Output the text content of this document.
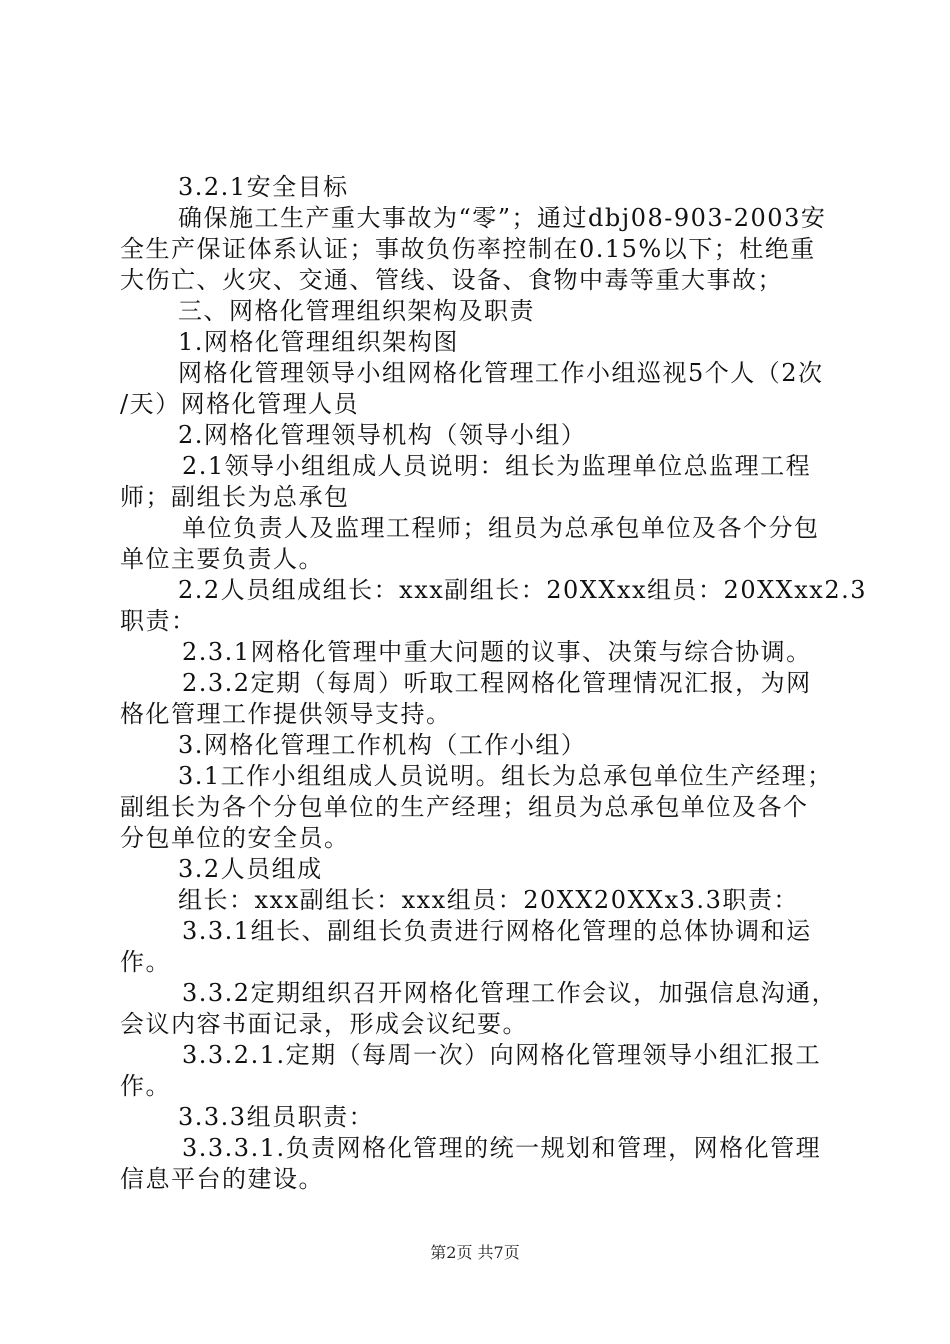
3.2.1安全目标
确保施工生产重大事故为“零”；通过dbj08-903-2003安
全生产保证体系认证；事故负伤率控制在0.15%以下；杜绝重
大伤亡、火灾、交通、管线、设备、食物中毒等重大事故；
三、网格化管理组织架构及职责
1.网格化管理组织架构图
网格化管理领导小组网格化管理工作小组巡视5个人（2次
/天）网格化管理人员
2.网格化管理领导机构（领导小组）
2.1领导小组组成人员说明：组长为监理单位总监理工程
师；副组长为总承包
单位负责人及监理工程师；组员为总承包单位及各个分包
单位主要负责人。
2.2人员组成组长：xxx副组长：20XXxx组员：20XXxx2.3
职责：
2.3.1网格化管理中重大问题的议事、决策与综合协调。
2.3.2定期（每周）听取工程网格化管理情况汇报，为网
格化管理工作提供领导支持。
3.网格化管理工作机构（工作小组）
3.1工作小组组成人员说明。组长为总承包单位生产经理；
副组长为各个分包单位的生产经理；组员为总承包单位及各个
分包单位的安全员。
3.2人员组成
组长：xxx副组长：xxx组员：20XX20XXx3.3职责：
3.3.1组长、副组长负责进行网格化管理的总体协调和运
作。
3.3.2定期组织召开网格化管理工作会议，加强信息沟通，
会议内容书面记录，形成会议纪要。
3.3.2.1.定期（每周一次）向网格化管理领导小组汇报工
作。
3.3.3组员职责：
3.3.3.1.负责网格化管理的统一规划和管理，网格化管理
信息平台的建设。
第2页 共7页
